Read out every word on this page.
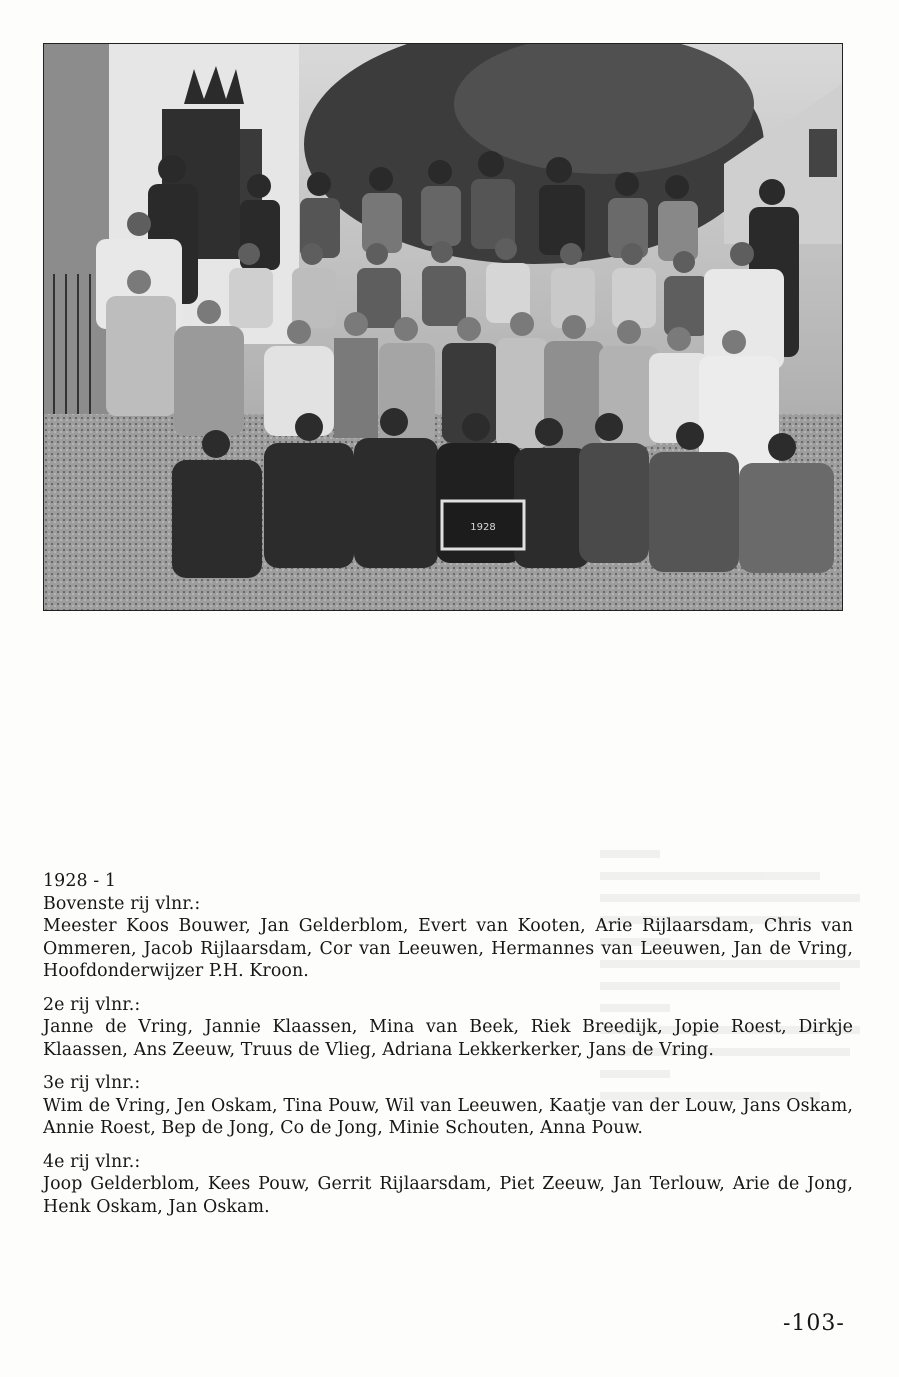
1928

1928 - 1
Bovenste rij vlnr.:
Meester Koos Bouwer, Jan Gelderblom, Evert van Kooten, Arie Rijlaarsdam, Chris van Ommeren, Jacob Rijlaarsdam, Cor van Leeuwen, Hermannes van Leeuwen, Jan de Vring, Hoofdonderwijzer P.H. Kroon.

2e rij vlnr.:
Janne de Vring, Jannie Klaassen, Mina van Beek, Riek Breedijk, Jopie Roest, Dirkje Klaassen, Ans Zeeuw, Truus de Vlieg, Adriana Lekkerkerker, Jans de Vring.

3e rij vlnr.:
Wim de Vring, Jen Oskam, Tina Pouw, Wil van Leeuwen, Kaatje van der Louw, Jans Oskam, Annie Roest, Bep de Jong, Co de Jong, Minie Schouten, Anna Pouw.

4e rij vlnr.:
Joop Gelderblom, Kees Pouw, Gerrit Rijlaarsdam, Piet Zeeuw, Jan Terlouw, Arie de Jong, Henk Oskam, Jan Oskam.

-103-
